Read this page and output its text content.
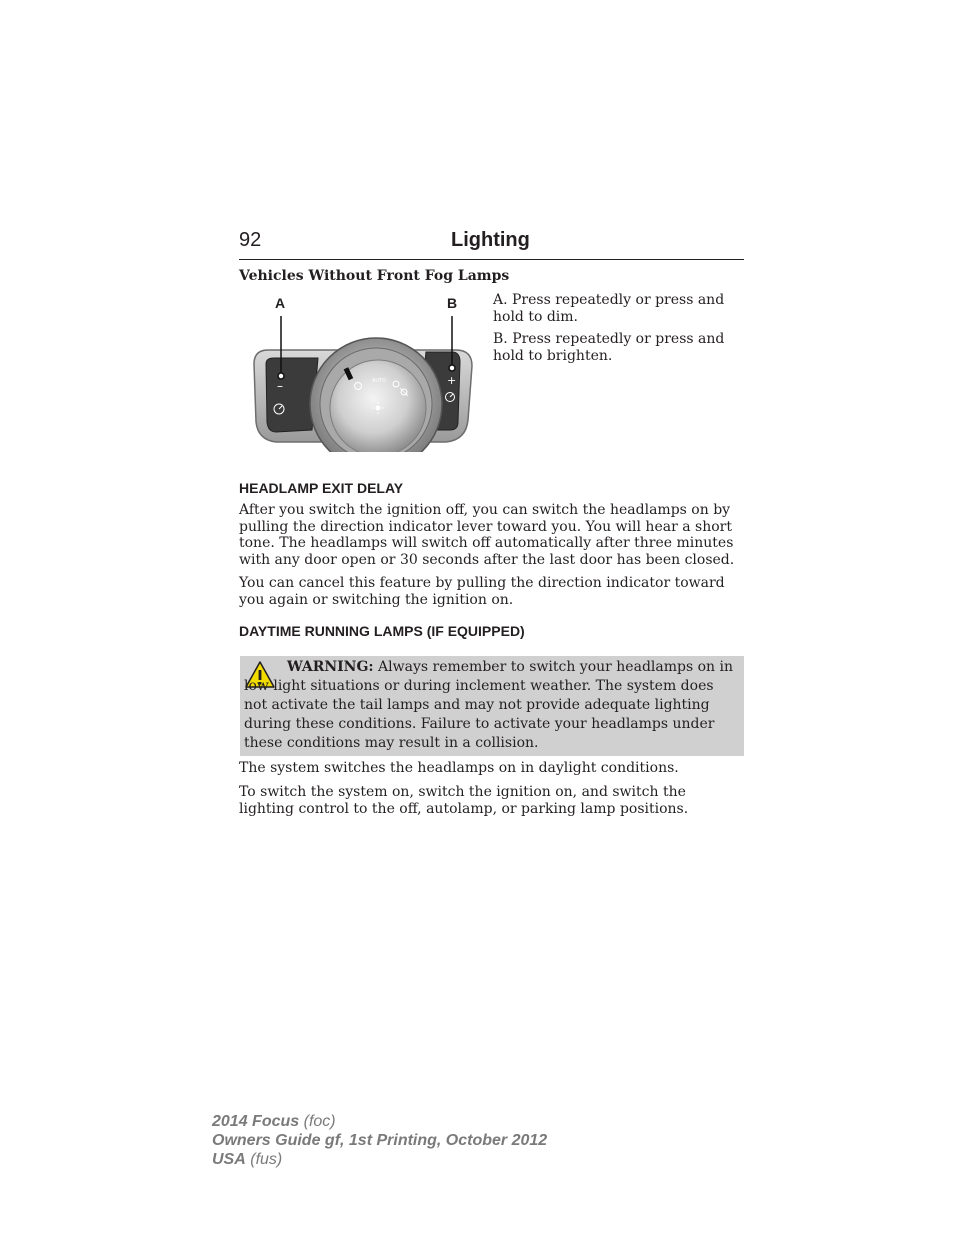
92	Lighting
Vehicles Without Front Fog Lamps
AUTO
–	+
A	B	A. Press repeatedly or press and hold to dim.

B. Press repeatedly or press and hold to brighten.

HEADLAMP EXIT DELAY

After you switch the ignition off, you can switch the headlamps on by pulling the direction indicator lever toward you. You will hear a short tone. The headlamps will switch off automatically after three minutes with any door open or 30 seconds after the last door has been closed.

You can cancel this feature by pulling the direction indicator toward you again or switching the ignition on.

DAYTIME RUNNING LAMPS (IF EQUIPPED)

WARNING: Always remember to switch your headlamps on in low light situations or during inclement weather. The system does not activate the tail lamps and may not provide adequate lighting during these conditions. Failure to activate your headlamps under these conditions may result in a collision.

The system switches the headlamps on in daylight conditions.

To switch the system on, switch the ignition on, and switch the lighting control to the off, autolamp, or parking lamp positions.

2014 Focus (foc)
Owners Guide gf, 1st Printing, October 2012
USA (fus)
